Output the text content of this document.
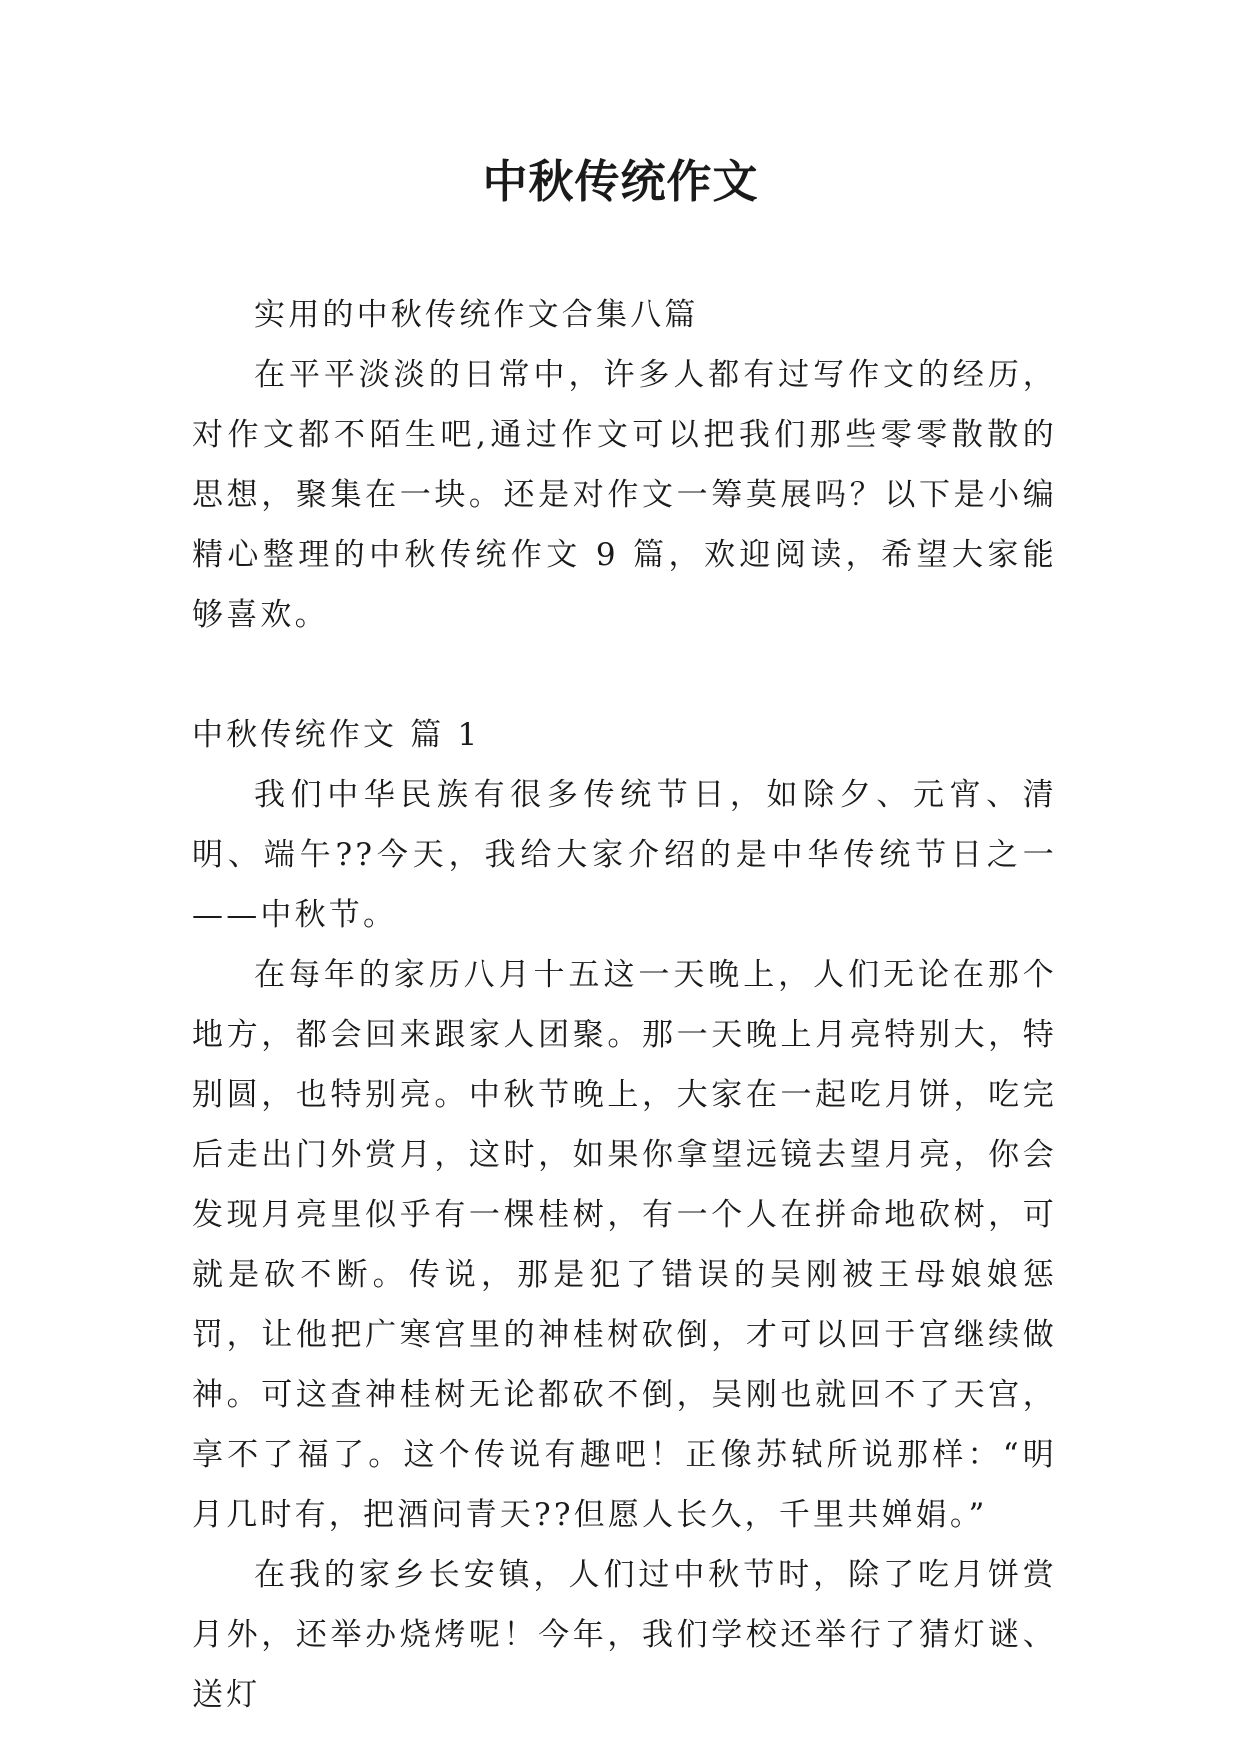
中秋传统作文

实用的中秋传统作文合集八篇

在平平淡淡的日常中，许多人都有过写作文的经历，对作文都不陌生吧,通过作文可以把我们那些零零散散的思想，聚集在一块。还是对作文一筹莫展吗？以下是小编精心整理的中秋传统作文 9 篇，欢迎阅读，希望大家能够喜欢。

中秋传统作文 篇 1

我们中华民族有很多传统节日，如除夕、元宵、清明、端午??今天，我给大家介绍的是中华传统节日之一——中秋节。

在每年的家历八月十五这一天晚上，人们无论在那个地方，都会回来跟家人团聚。那一天晚上月亮特别大，特别圆，也特别亮。中秋节晚上，大家在一起吃月饼，吃完后走出门外赏月，这时，如果你拿望远镜去望月亮，你会发现月亮里似乎有一棵桂树，有一个人在拼命地砍树，可就是砍不断。传说，那是犯了错误的吴刚被王母娘娘惩罚，让他把广寒宫里的神桂树砍倒，才可以回于宫继续做神。可这查神桂树无论都砍不倒，吴刚也就回不了天宫，享不了福了。这个传说有趣吧！正像苏轼所说那样：“明月几时有，把酒问青天??但愿人长久，千里共婵娟。”

在我的家乡长安镇，人们过中秋节时，除了吃月饼赏月外，还举办烧烤呢！今年，我们学校还举行了猜灯谜、送灯
